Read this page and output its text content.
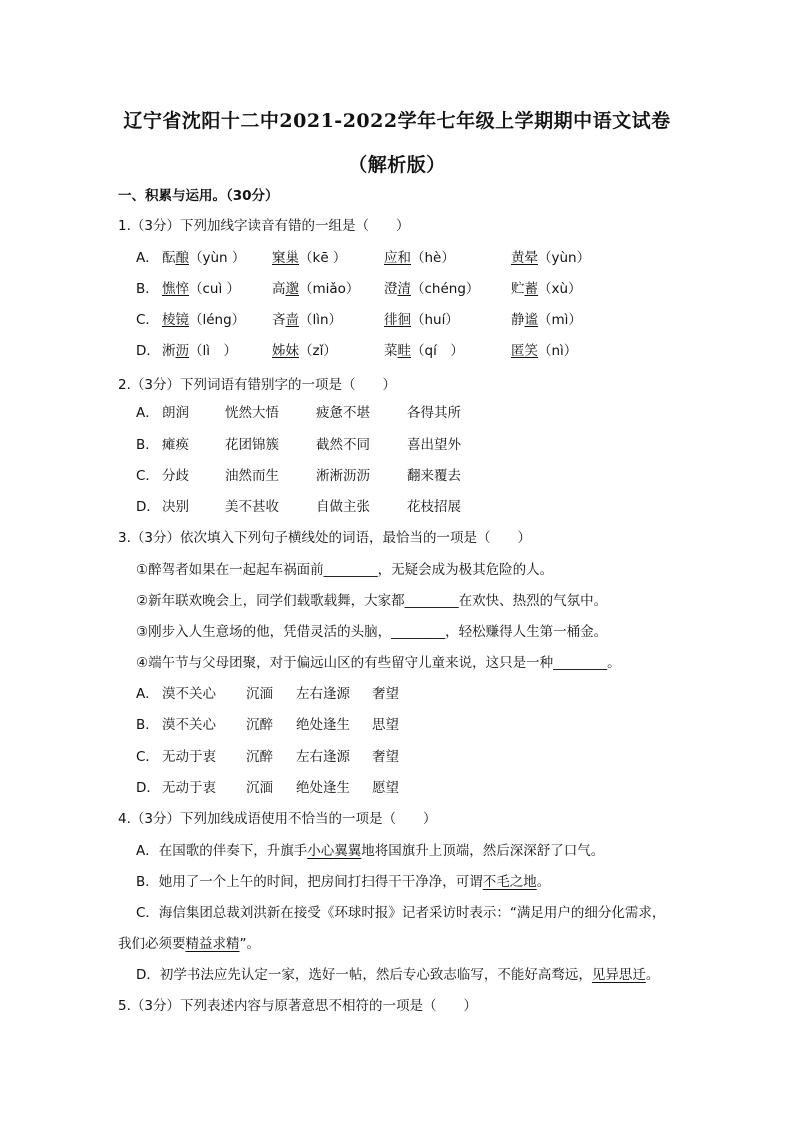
辽宁省沈阳十二中2021-2022学年七年级上学期期中语文试卷
（解析版）
一、积累与运用。（30分）
1.（3分）下列加线字读音有错的一组是（　　）
A． 酝酿（yùn ） 窠巢（kē ）	应和（hè）	黄晕（yùn）
B． 憔悴（cuì ） 高邈（miǎo） 澄清（chéng） 贮蓄（xù）
C． 棱镜（léng） 吝啬（lìn）	徘徊（huí）	静谧（mì）
D． 淅沥（lì　）	姊妹（zǐ）	菜畦（qí　）	匿笑（nì）
2.（3分）下列词语有错别字的一项是（　　）
A． 朗润	恍然大悟	疲惫不堪	各得其所
B． 瘫痪	花团锦簇	截然不同	喜出望外
C． 分歧	油然而生	淅淅沥沥	翻来覆去
D． 决别	美不甚收	自做主张	花枝招展
3.（3分）依次填入下列句子横线处的词语，最恰当的一项是（　　）
①醉驾者如果在一起起车祸面前________，无疑会成为极其危险的人。
②新年联欢晚会上，同学们载歌载舞，大家都________在欢快、热烈的气氛中。
③刚步入人生意场的他，凭借灵活的头脑，________，轻松赚得人生第一桶金。
④端午节与父母团聚，对于偏远山区的有些留守儿童来说，这只是一种________。
A． 漠不关心 沉湎 左右逢源 奢望
B． 漠不关心 沉醉 绝处逢生 思望
C． 无动于衷 沉醉 左右逢源 奢望
D． 无动于衷 沉湎 绝处逢生 愿望
4.（3分）下列加线成语使用不恰当的一项是（　　）
A．在国歌的伴奏下，升旗手小心翼翼地将国旗升上顶端，然后深深舒了口气。
B．她用了一个上午的时间，把房间打扫得干干净净，可谓不毛之地。
C．海信集团总裁刘洪新在接受《环球时报》记者采访时表示：“满足用户的细分化需求，
我们必须要精益求精”。
D．初学书法应先认定一家，选好一帖，然后专心致志临写，不能好高骛远，见异思迁。
5.（3分）下列表述内容与原著意思不相符的一项是（　　）
